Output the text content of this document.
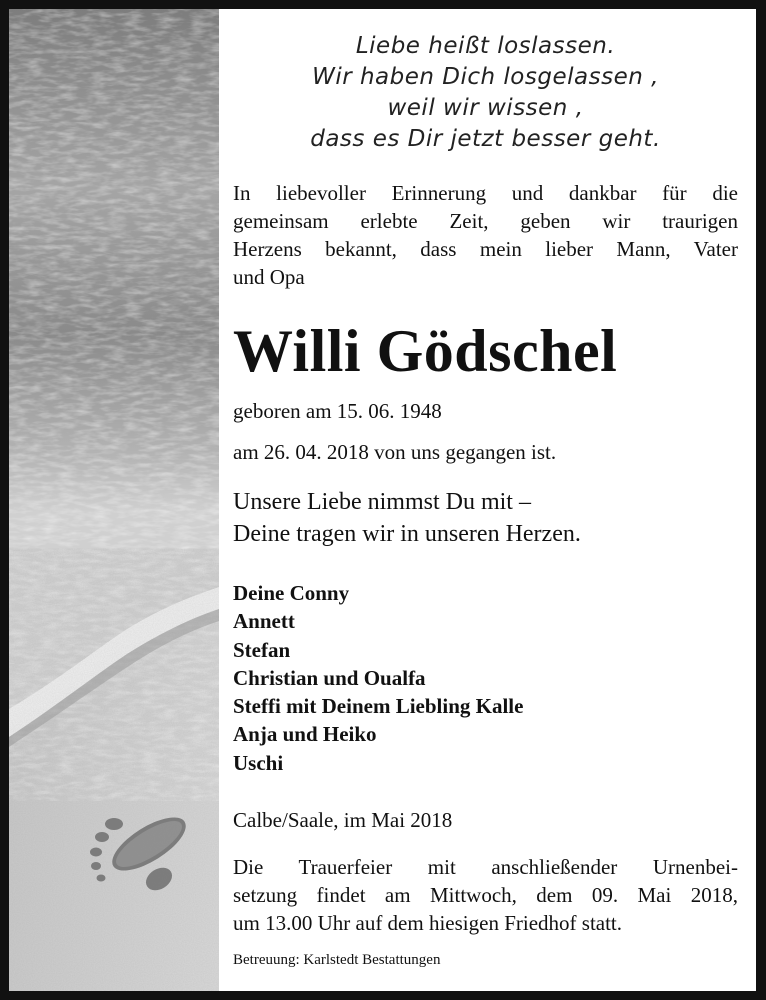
Liebe heißt loslassen.
Wir haben Dich losgelassen ,
weil wir wissen ,
dass es Dir jetzt besser geht.
In liebevoller Erinnerung und dankbar für die
gemeinsam erlebte Zeit, geben wir traurigen
Herzens bekannt, dass mein lieber Mann, Vater
und Opa
Willi Gödschel
geboren am 15. 06. 1948
am 26. 04. 2018 von uns gegangen ist.
Unsere Liebe nimmst Du mit –
Deine tragen wir in unseren Herzen.
Deine Conny
Annett
Stefan
Christian und Oualfa
Steffi mit Deinem Liebling Kalle
Anja und Heiko
Uschi
Calbe/Saale, im Mai 2018
Die Trauerfeier mit anschließender Urnenbei-
setzung findet am Mittwoch, dem 09. Mai 2018,
um 13.00 Uhr auf dem hiesigen Friedhof statt.
Betreuung: Karlstedt Bestattungen
